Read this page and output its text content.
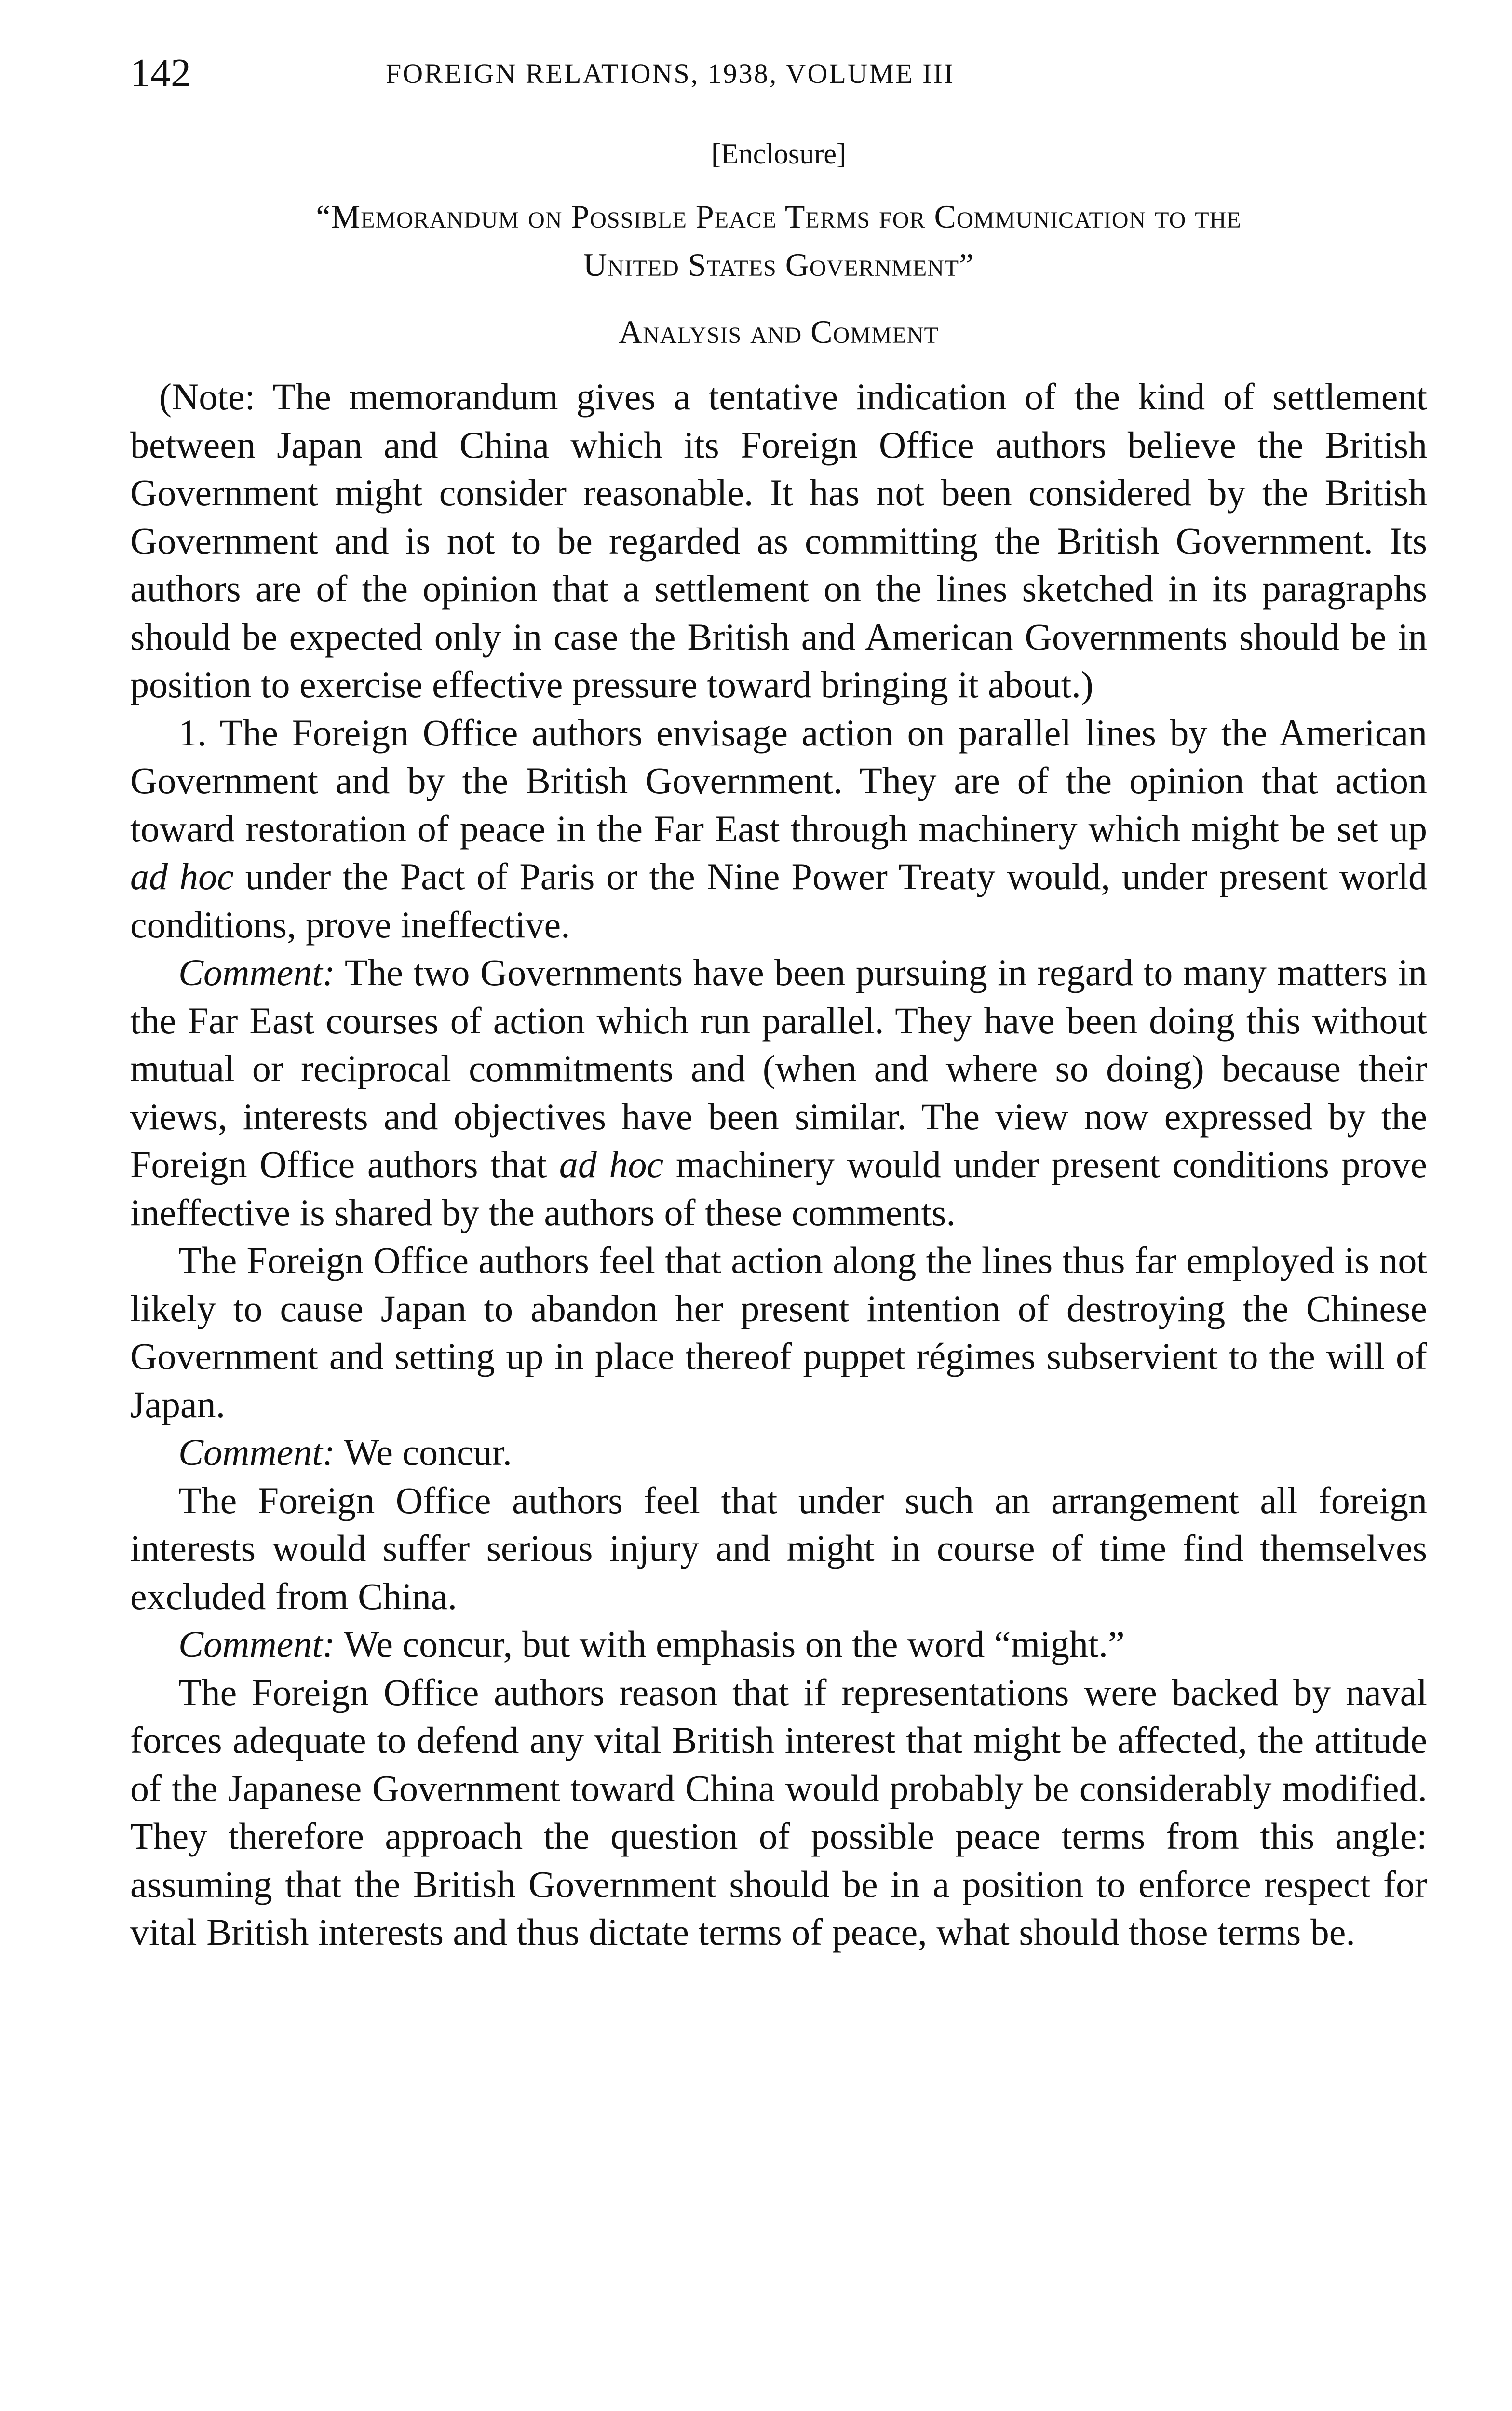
142	FOREIGN RELATIONS, 1938, VOLUME III
[Enclosure]
“Memorandum on Possible Peace Terms for Communication to the
United States Government”
Analysis and Comment

(Note: The memorandum gives a tentative indication of the kind of settlement between Japan and China which its Foreign Office authors believe the British Government might consider reasonable. It has not been considered by the British Government and is not to be regarded as committing the British Government. Its authors are of the opinion that a settlement on the lines sketched in its paragraphs should be expected only in case the British and American Governments should be in position to exercise effective pressure toward bringing it about.)

1. The Foreign Office authors envisage action on parallel lines by the American Government and by the British Government. They are of the opinion that action toward restoration of peace in the Far East through machinery which might be set up ad hoc under the Pact of Paris or the Nine Power Treaty would, under present world conditions, prove ineffective.

Comment: The two Governments have been pursuing in regard to many matters in the Far East courses of action which run parallel. They have been doing this without mutual or reciprocal commitments and (when and where so doing) because their views, interests and objectives have been similar. The view now expressed by the Foreign Office authors that ad hoc machinery would under present conditions prove ineffective is shared by the authors of these comments.

The Foreign Office authors feel that action along the lines thus far employed is not likely to cause Japan to abandon her present intention of destroying the Chinese Government and setting up in place thereof puppet régimes subservient to the will of Japan.

Comment: We concur.

The Foreign Office authors feel that under such an arrangement all foreign interests would suffer serious injury and might in course of time find themselves excluded from China.

Comment: We concur, but with emphasis on the word “might.”

The Foreign Office authors reason that if representations were backed by naval forces adequate to defend any vital British interest that might be affected, the attitude of the Japanese Government toward China would probably be considerably modified. They therefore approach the question of possible peace terms from this angle: assuming that the British Government should be in a position to enforce respect for vital British interests and thus dictate terms of peace, what should those terms be.
